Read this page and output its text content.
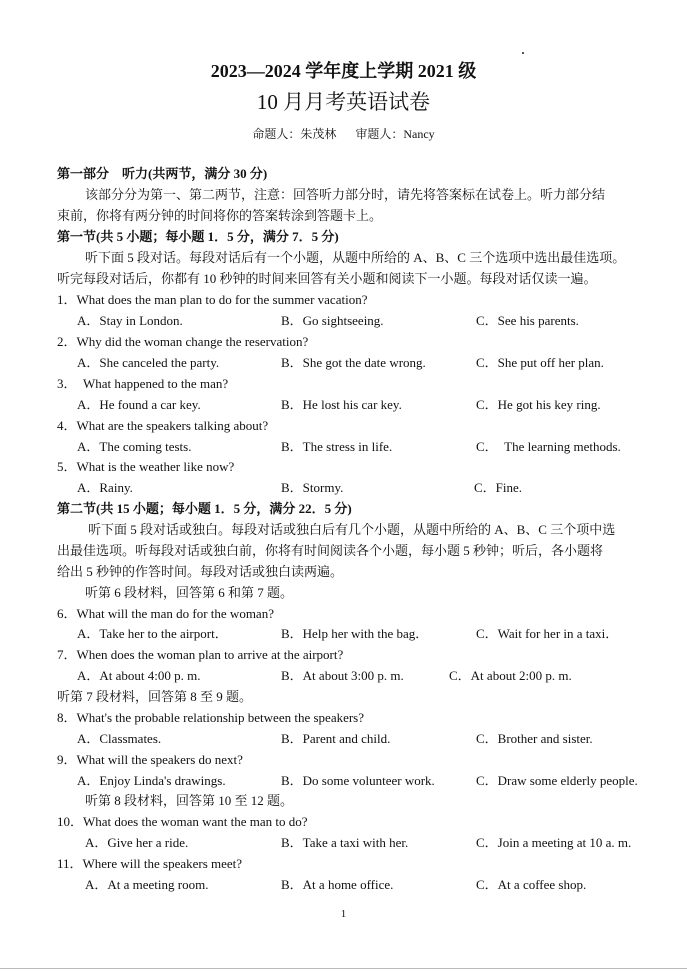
2023—2024 学年度上学期 2021 级
10 月月考英语试卷
命题人：朱茂林 审题人：Nancy
第一部分　听力(共两节，满分 30 分)
该部分分为第一、第二两节，注意：回答听力部分时，请先将答案标在试卷上。听力部分结
束前，你将有两分钟的时间将你的答案转涂到答题卡上。
第一节(共 5 小题；每小题 1．5 分，满分 7．5 分)
听下面 5 段对话。每段对话后有一个小题，从题中所给的 A、B、C 三个选项中选出最佳选项。
听完每段对话后，你都有 10 秒钟的时间来回答有关小题和阅读下一小题。每段对话仅读一遍。
1．What does the man plan to do for the summer vacation?
A．Stay in London.	B．Go sightseeing.	C．See his parents.
2．Why did the woman change the reservation?
A．She canceled the party.	B．She got the date wrong.	C．She put off her plan.
3．　What happened to the man?
A．He found a car key.	B．He lost his car key.	C．He got his key ring.
4．What are the speakers talking about?
A．The coming tests.	B．The stress in life.	C．　The learning methods.
5．What is the weather like now?
A．Rainy.	B．Stormy.	C．Fine.
第二节(共 15 小题；每小题 1．5 分，满分 22．5 分)
听下面 5 段对话或独白。每段对话或独白后有几个小题，从题中所给的 A、B、C 三个项中选
出最佳选项。听每段对话或独白前，你将有时间阅读各个小题，每小题 5 秒钟；听后，各小题将
给出 5 秒钟的作答时间。每段对话或独白读两遍。
听第 6 段材料，回答第 6 和第 7 题。
6．What will the man do for the woman?
A．Take her to the airport．	B．Help her with the bag．	C．Wait for her in a taxi．
7．When does the woman plan to arrive at the airport?
A．At about 4:00 p. m.	B．At about 3:00 p. m.	C．At about 2:00 p. m.
听第 7 段材料，回答第 8 至 9 题。
8．What's the probable relationship between the speakers?
A．Classmates.	B．Parent and child.	C．Brother and sister.
9．What will the speakers do next?
A．Enjoy Linda's drawings.	B．Do some volunteer work.	C．Draw some elderly people.
听第 8 段材料，回答第 10 至 12 题。
10．What does the woman want the man to do?
A．Give her a ride.	B．Take a taxi with her.	C．Join a meeting at 10 a. m.
11．Where will the speakers meet?
A．At a meeting room.	B．At a home office.	C．At a coffee shop.
1
